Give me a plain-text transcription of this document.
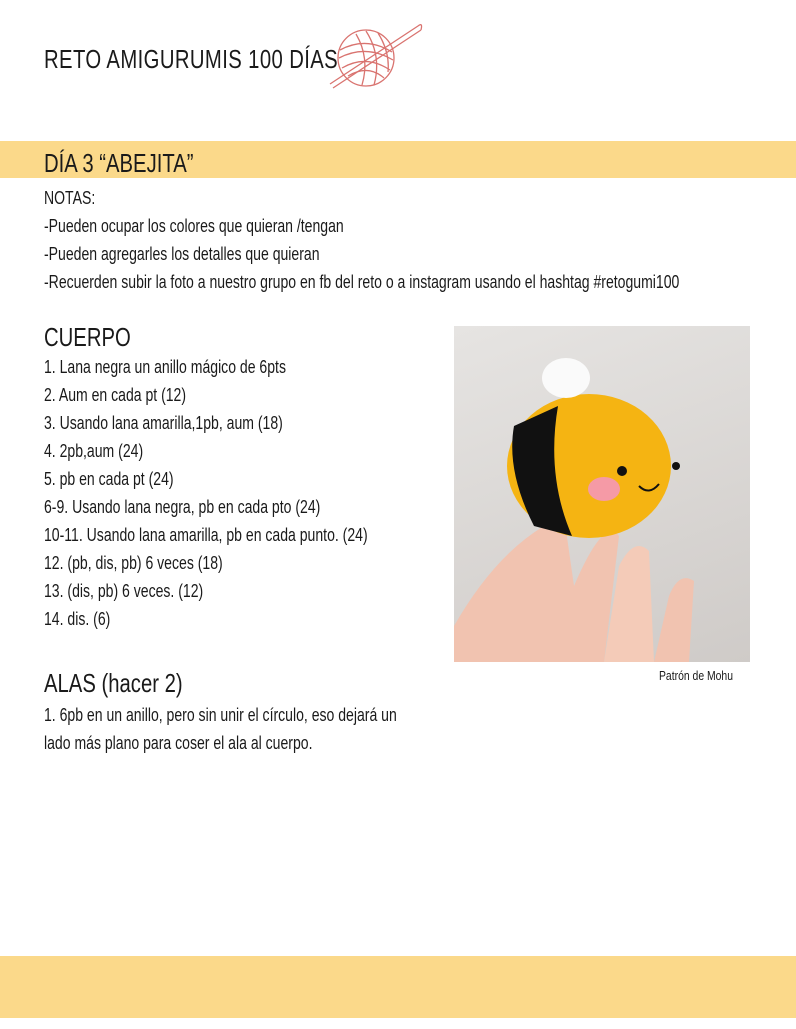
RETO AMIGURUMIS 100 DÍAS
DÍA 3 “ABEJITA”
NOTAS:
-Pueden ocupar los colores que quieran /tengan
-Pueden agregarles los detalles que quieran
-Recuerden subir la foto a nuestro grupo en fb del reto o a instagram usando el hashtag #retogumi100
CUERPO
1. Lana negra un anillo mágico de 6pts
2. Aum en cada pt (12)
3. Usando lana amarilla,1pb, aum (18)
4. 2pb,aum (24)
5. pb en cada pt (24)
6-9. Usando lana negra, pb en cada pto (24)
10-11. Usando lana amarilla, pb en cada punto. (24)
12. (pb, dis, pb) 6 veces (18)
13. (dis, pb) 6 veces. (12)
14. dis. (6)
ALAS (hacer 2)
1. 6pb en un anillo, pero sin unir el círculo, eso dejará un
lado más plano para coser el ala al cuerpo.
Patrón de Mohu
